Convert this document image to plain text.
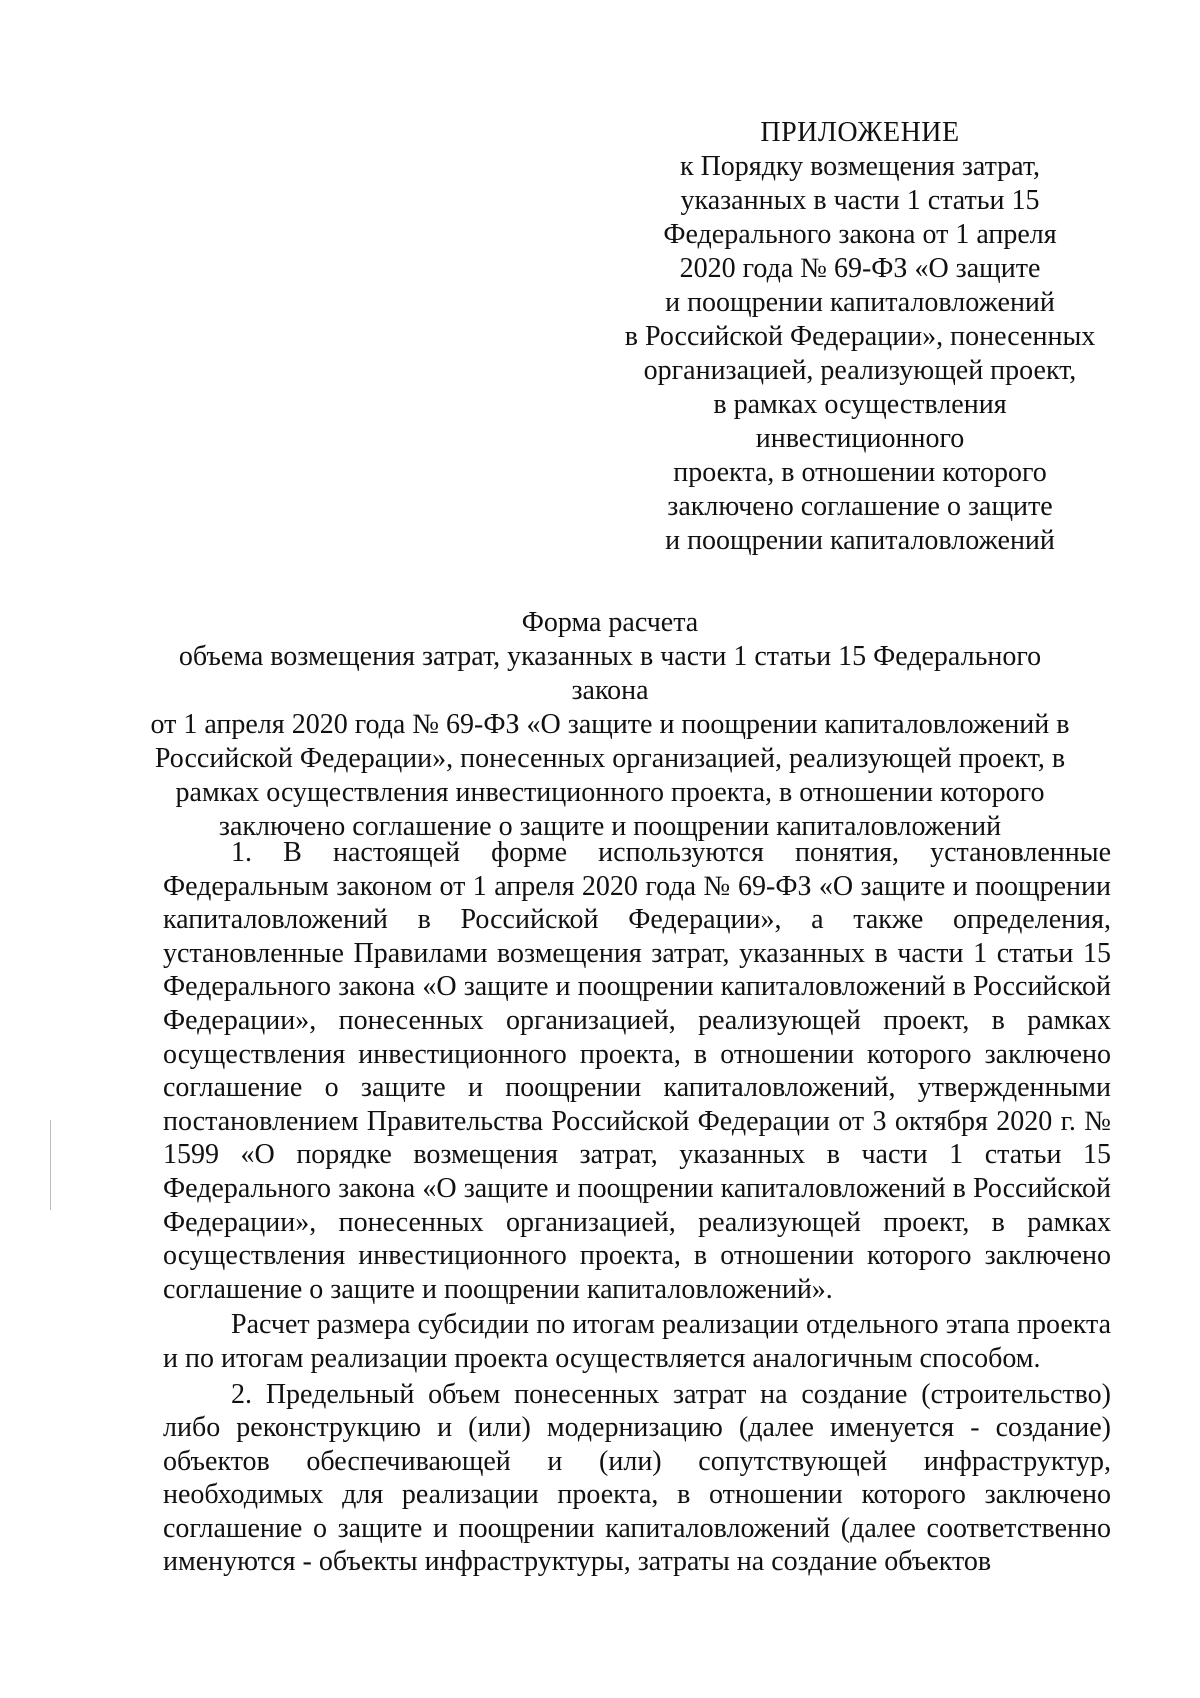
ПРИЛОЖЕНИЕ
к Порядку возмещения затрат,
указанных в части 1 статьи 15
Федерального закона от 1 апреля
2020 года № 69-ФЗ «О защите
и поощрении капиталовложений
в Российской Федерации», понесенных
организацией, реализующей проект,
в рамках осуществления
инвестиционного
проекта, в отношении которого
заключено соглашение о защите
и поощрении капиталовложений
Форма расчета
объема возмещения затрат, указанных в части 1 статьи 15 Федерального закона
от 1 апреля 2020 года № 69-ФЗ «О защите и поощрении капиталовложений в
Российской Федерации», понесенных организацией, реализующей проект, в
рамках осуществления инвестиционного проекта, в отношении которого
заключено соглашение о защите и поощрении капиталовложений

1. В настоящей форме используются понятия, установленные Федеральным законом от 1 апреля 2020 года № 69-ФЗ «О защите и поощрении капиталовложений в Российской Федерации», а также определения, установленные Правилами возмещения затрат, указанных в части 1 статьи 15 Федерального закона «О защите и поощрении капиталовложений в Российской Федерации», понесенных организацией, реализующей проект, в рамках осуществления инвестиционного проекта, в отношении которого заключено соглашение о защите и поощрении капиталовложений, утвержденными постановлением Правительства Российской Федерации от 3 октября 2020 г. № 1599 «О порядке возмещения затрат, указанных в части 1 статьи 15 Федерального закона «О защите и поощрении капиталовложений в Российской Федерации», понесенных организацией, реализующей проект, в рамках осуществления инвестиционного проекта, в отношении которого заключено соглашение о защите и поощрении капиталовложений».

Расчет размера субсидии по итогам реализации отдельного этапа проекта и по итогам реализации проекта осуществляется аналогичным способом.

2. Предельный объем понесенных затрат на создание (строительство) либо реконструкцию и (или) модернизацию (далее именуется - создание) объектов обеспечивающей и (или) сопутствующей инфраструктур, необходимых для реализации проекта, в отношении которого заключено соглашение о защите и поощрении капиталовложений (далее соответственно именуются - объекты инфраструктуры, затраты на создание объектов
